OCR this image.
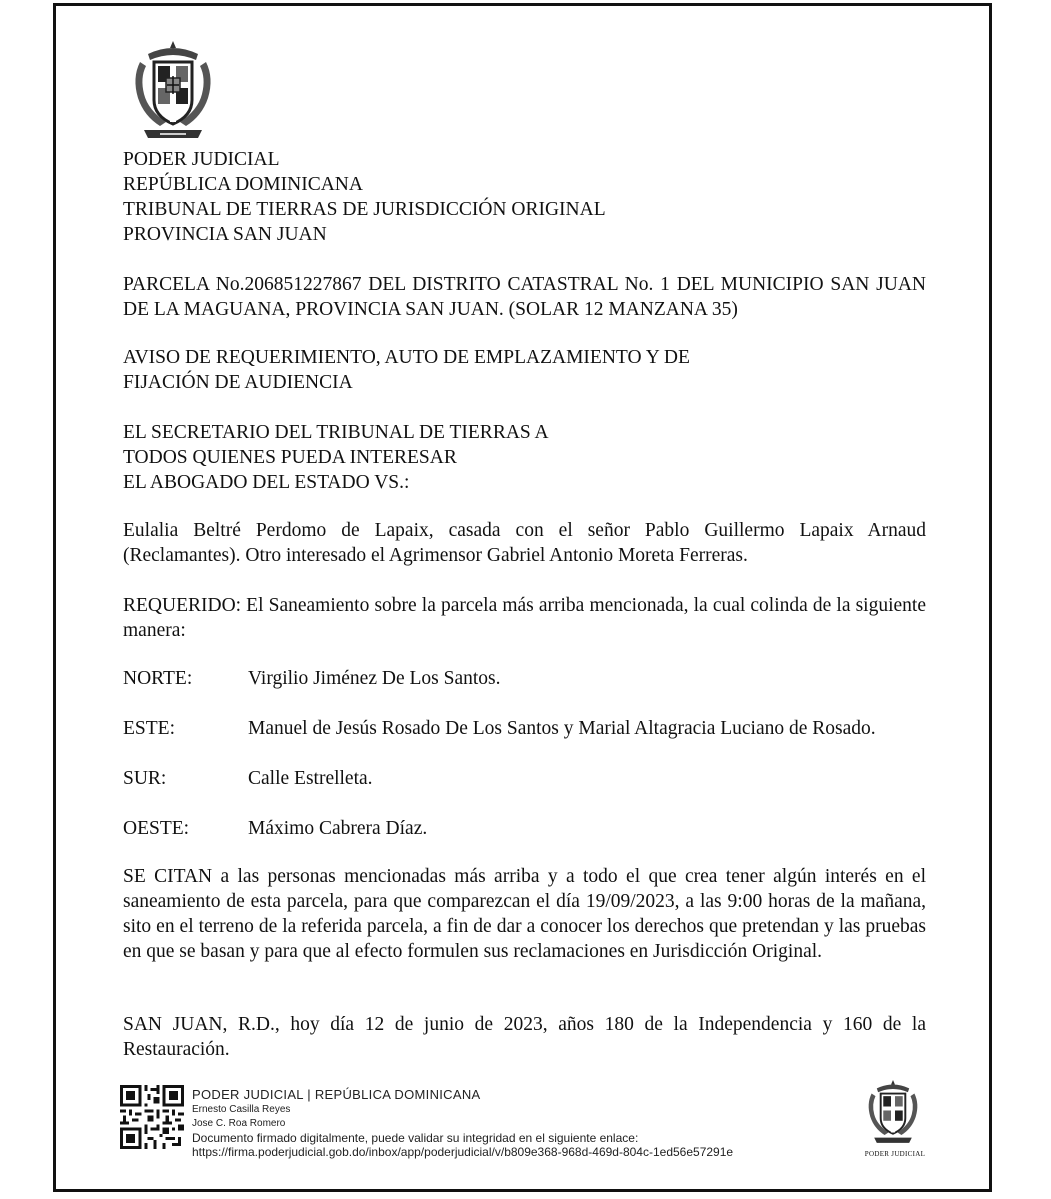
PODER JUDICIAL
REPÚBLICA DOMINICANA
TRIBUNAL DE TIERRAS DE JURISDICCIÓN ORIGINAL
PROVINCIA SAN JUAN
PARCELA No.206851227867 DEL DISTRITO CATASTRAL No. 1 DEL MUNICIPIO SAN JUAN DE LA MAGUANA, PROVINCIA SAN JUAN. (SOLAR 12 MANZANA 35)
AVISO DE REQUERIMIENTO, AUTO DE EMPLAZAMIENTO Y DE
FIJACIÓN DE AUDIENCIA
EL SECRETARIO DEL TRIBUNAL DE TIERRAS A
TODOS QUIENES PUEDA INTERESAR
EL ABOGADO DEL ESTADO VS.:
Eulalia Beltré Perdomo de Lapaix, casada con el señor Pablo Guillermo Lapaix Arnaud (Reclamantes). Otro interesado el Agrimensor Gabriel Antonio Moreta Ferreras.
REQUERIDO: El Saneamiento sobre la parcela más arriba mencionada, la cual colinda de la siguiente manera:
NORTE:	Virgilio Jiménez De Los Santos.
ESTE:	Manuel de Jesús Rosado De Los Santos y Marial Altagracia Luciano de Rosado.
SUR:	Calle Estrelleta.
OESTE:	Máximo Cabrera Díaz.
SE CITAN a las personas mencionadas más arriba y a todo el que crea tener algún interés en el saneamiento de esta parcela, para que comparezcan el día 19/09/2023, a las 9:00 horas de la mañana, sito en el terreno de la referida parcela, a fin de dar a conocer los derechos que pretendan y las pruebas en que se basan y para que al efecto formulen sus reclamaciones en Jurisdicción Original.
SAN JUAN, R.D., hoy día 12 de junio de 2023, años 180 de la Independencia y 160 de la Restauración.
PODER JUDICIAL | REPÚBLICA DOMINICANA
Ernesto Casilla Reyes
Jose C. Roa Romero
Documento firmado digitalmente, puede validar su integridad en el siguiente enlace:
https://firma.poderjudicial.gob.do/inbox/app/poderjudicial/v/b809e368-968d-469d-804c-1ed56e57291e	PODER JUDICIAL
